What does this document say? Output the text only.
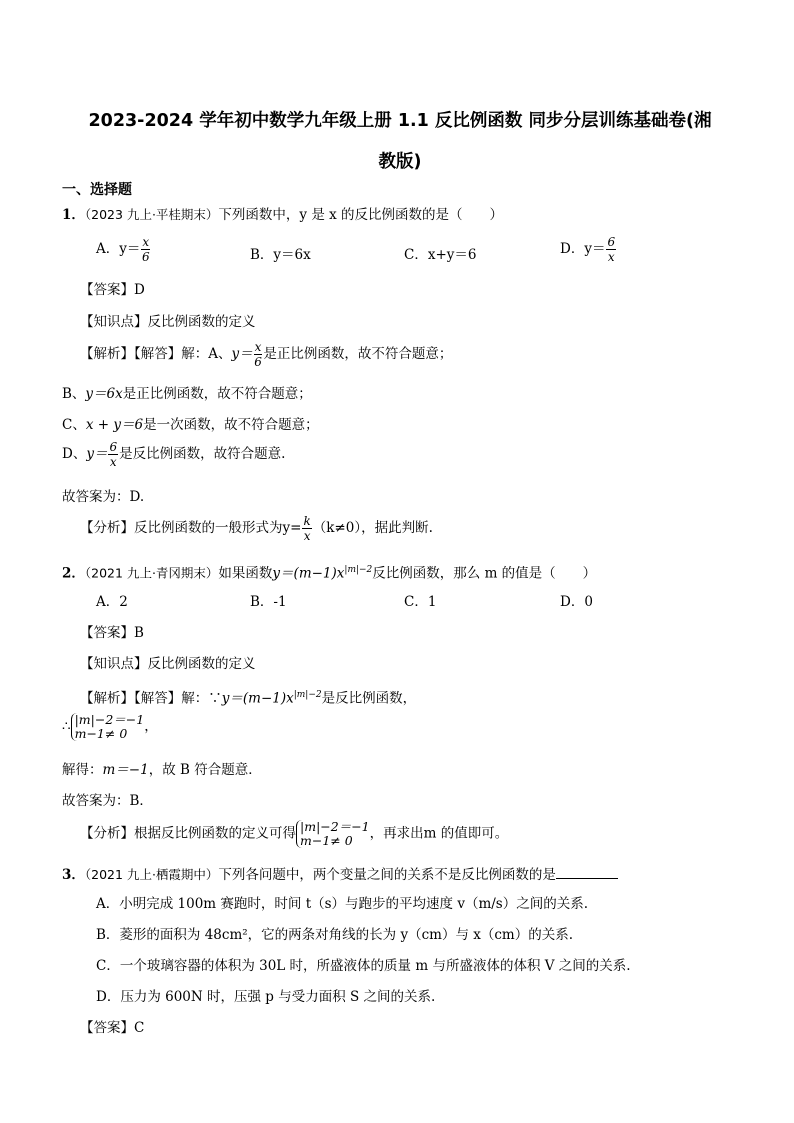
2023-2024 学年初中数学九年级上册 1.1 反比例函数 同步分层训练基础卷(湘
教版)
一、选择题
1．（2023 九上·平桂期末）下列函数中，y 是 x 的反比例函数的是（　　）
A．$y= \frac{x}{6}$	B．y＝6x	C．x+y＝6	D．$y= \frac{6}{x}$
【答案】D
【知识点】反比例函数的定义
【解析】【解答】解：A、$y= \frac{x}{6}$ 是正比例函数，故不符合题意；
B、y＝6x是正比例函数，故不符合题意；
C、x + y＝6是一次函数，故不符合题意；
D、$y= \frac{6}{x}$ 是反比例函数，故符合题意.
故答案为：D.
【分析】反比例函数的一般形式为$y= \frac{k}{x} (k\ne 0)$，据此判断.
2．（2021 九上·青冈期末）如果函数$y=(m-1)x^{|m|-2}$反比例函数，那么 m 的值是（　　）
A．2	B．-1	C．1	D．0
【答案】B
【知识点】反比例函数的定义
【解析】【解答】解：$\because y=(m-1)x^{|m|-2}$是反比例函数，
∴ |m|−2＝−1
m−1≠ 0	，
解得：m＝−1，故 B 符合题意．
故答案为：B．
【分析】根据反比例函数的定义可得 |m|−2＝−1
m−1≠ 0	，再求出m 的值即可。
3．（2021 九上·栖霞期中）下列各问题中，两个变量之间的关系不是反比例函数的是
A．小明完成 100m 赛跑时，时间 t（s）与跑步的平均速度 v（m/s）之间的关系.
B．菱形的面积为 48cm²，它的两条对角线的长为 y（cm）与 x（cm）的关系.
C．一个玻璃容器的体积为 30L 时，所盛液体的质量 m 与所盛液体的体积 V 之间的关系.
D．压力为 600N 时，压强 p 与受力面积 S 之间的关系.
【答案】C
